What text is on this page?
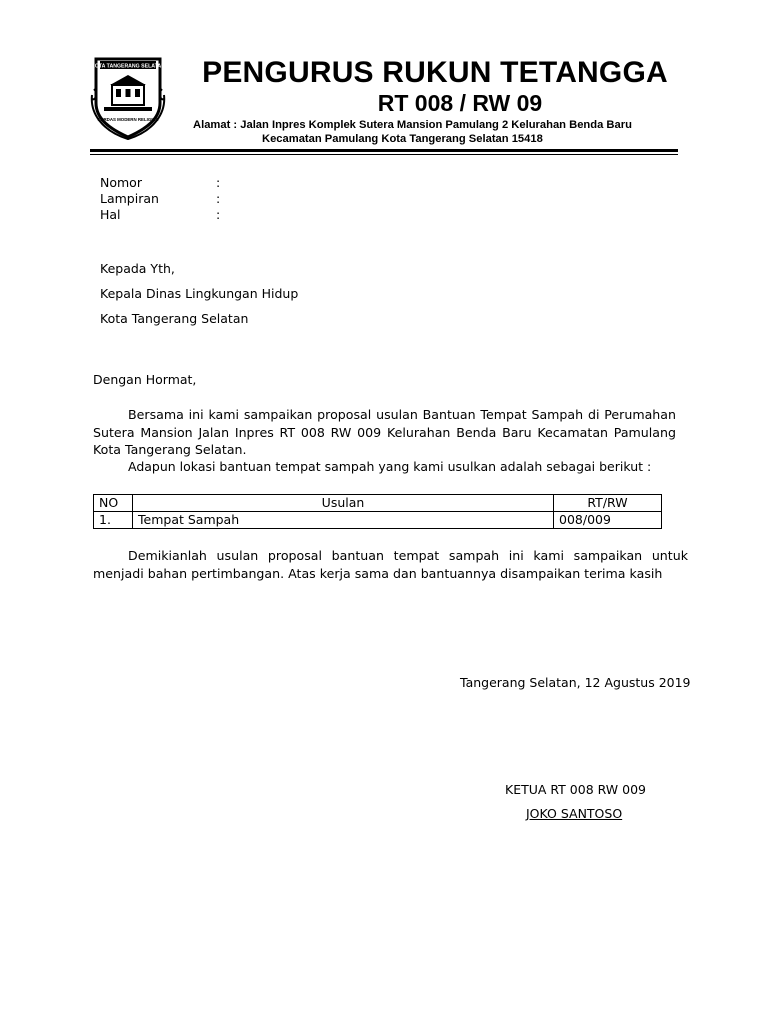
KOTA TANGERANG SELATAN
CERDAS MODERN RELIGIUS
PENGURUS RUKUN TETANGGA
RT 008 / RW 09
Alamat : Jalan Inpres Komplek Sutera Mansion Pamulang 2 Kelurahan Benda Baru
Kecamatan Pamulang Kota Tangerang Selatan 15418
Nomor	:
Lampiran	:
Hal	:
Kepada Yth,
Kepala Dinas Lingkungan Hidup
Kota Tangerang Selatan
Dengan Hormat,
Bersama ini kami sampaikan proposal usulan Bantuan Tempat Sampah di Perumahan Sutera Mansion Jalan Inpres RT 008 RW 009 Kelurahan Benda Baru Kecamatan Pamulang Kota Tangerang Selatan.
Adapun lokasi bantuan tempat sampah yang kami usulkan adalah sebagai berikut :
NO	Usulan	RT/RW
1.	Tempat Sampah	008/009
Demikianlah usulan proposal bantuan tempat sampah ini kami sampaikan untuk menjadi bahan pertimbangan. Atas kerja sama dan bantuannya disampaikan terima kasih
Tangerang Selatan, 12 Agustus 2019
KETUA RT 008 RW 009
JOKO SANTOSO
